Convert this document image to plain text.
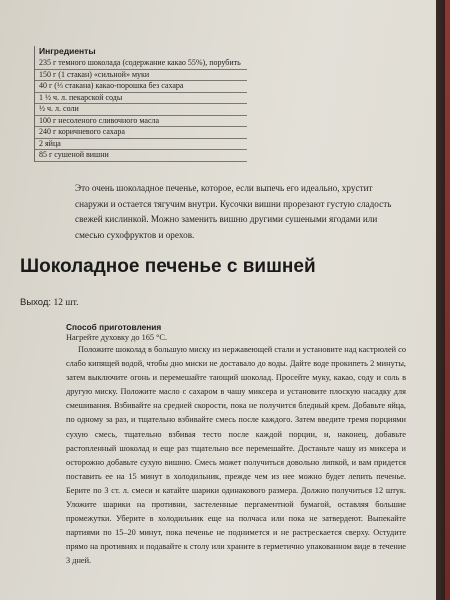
Ингредиенты
235 г темного шоколада (содержание какао 55%), порубить
150 г (1 стакан) «сильной» муки
40 г (⅓ стакана) какао-порошка без сахара
1 ½ ч. л. пекарской соды
½ ч. л. соли
100 г несоленого сливочного масла
240 г коричневого сахара
2 яйца
85 г сушеной вишни

Это очень шоколадное печенье, которое, если выпечь его идеально, хрустит снаружи и остается тягучим внутри. Кусочки вишни прорезают густую сладость свежей кислинкой. Можно заменить вишню другими сушеными ягодами или смесью сухофруктов и орехов.

Шоколадное печенье с вишней
Выход: 12 шт.
Способ приготовления
Нагрейте духовку до 165 °С.

Положите шоколад в большую миску из нержавеющей стали и установите над кастрюлей со слабо кипящей водой, чтобы дно миски не доставало до воды. Дайте воде прокипеть 2 минуты, затем выключите огонь и перемешайте тающий шоколад. Просейте муку, какао, соду и соль в другую миску. Положите масло с сахаром в чашу миксера и установите плоскую насадку для смешивания. Взбивайте на средней скорости, пока не получится бледный крем. Добавьте яйца, по одному за раз, и тщательно взбивайте смесь после каждого. Затем введите тремя порциями сухую смесь, тщательно взбивая тесто после каждой порции, и, наконец, добавьте растопленный шоколад и еще раз тщательно все перемешайте. Достаньте чашу из миксера и осторожно добавьте сухую вишню. Смесь может получиться довольно липкой, и вам придется поставить ее на 15 минут в холодильник, прежде чем из нее можно будет лепить печенье. Берите по 3 ст. л. смеси и катайте шарики одинакового размера. Должно получиться 12 штук. Уложите шарики на противни, застеленные пергаментной бумагой, оставляя большие промежутки. Уберите в холодильник еще на полчаса или пока не затвердеют. Выпекайте партиями по 15–20 минут, пока печенье не поднимется и не растрескается сверху. Остудите прямо на противнях и подавайте к столу или храните в герметично упакованном виде в течение 3 дней.
